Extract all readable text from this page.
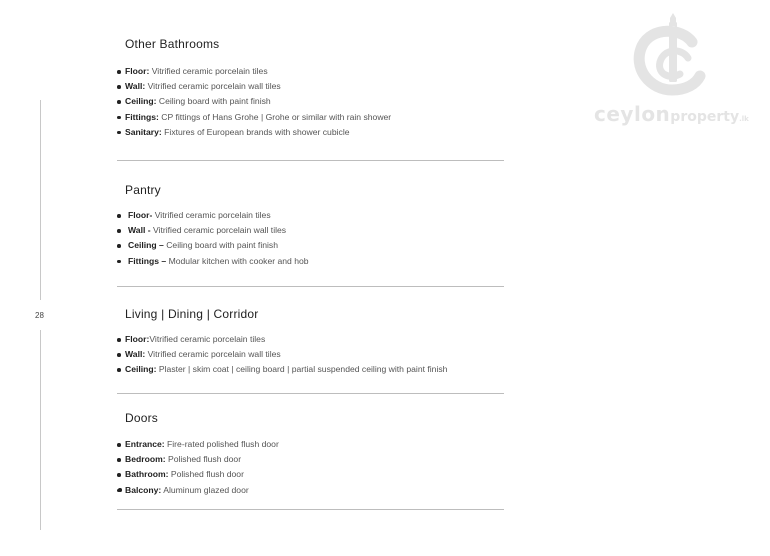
28
Other Bathrooms
Floor: Vitrified ceramic porcelain tiles
Wall: Vitrified ceramic porcelain wall tiles
Ceiling: Ceiling board with paint finish
Fittings: CP fittings of Hans Grohe | Grohe or similar with rain shower
Sanitary: Fixtures of European brands with shower cubicle
Pantry
Floor- Vitrified ceramic porcelain tiles
Wall - Vitrified ceramic porcelain wall tiles
Ceiling – Ceiling board with paint finish
Fittings – Modular kitchen with cooker and hob
Living | Dining | Corridor
Floor:Vitrified ceramic porcelain tiles
Wall: Vitrified ceramic porcelain wall tiles
Ceiling: Plaster | skim coat | ceiling board | partial suspended ceiling with paint finish
Doors
Entrance: Fire-rated polished flush door
Bedroom: Polished flush door
Bathroom: Polished flush door
Balcony: Aluminum glazed door
ceylonproperty.lk
